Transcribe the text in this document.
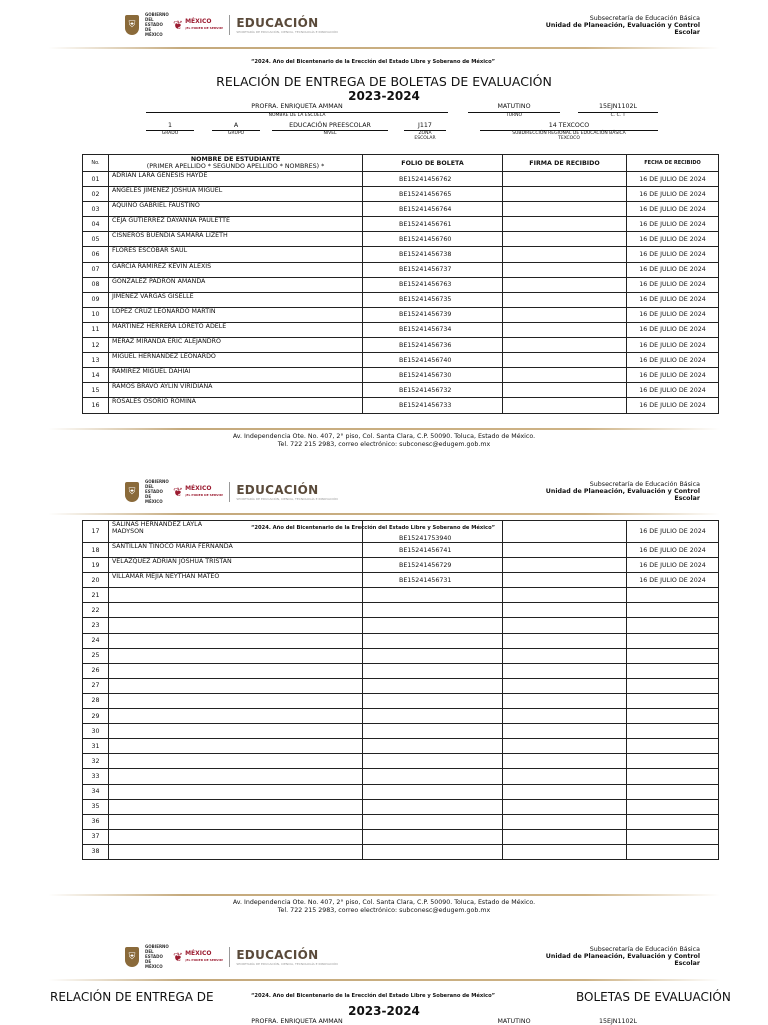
⛨
GOBIERNO DEL
ESTADO DE
MÉXICO
❦ MÉXICO
¡EL PODER DE SERVIR! EDUCACIÓN
SECRETARÍA DE EDUCACIÓN, CIENCIA, TECNOLOGÍA E INNOVACIÓN
Subsecretaría de Educación Básica
Unidad de Planeación, Evaluación y Control
Escolar
“2024. Año del Bicentenario de la Erección del Estado Libre y Soberano de México”
RELACIÓN DE ENTREGA DE BOLETAS DE EVALUACIÓN
2023-2024
PROFRA. ENRIQUETA AMMAN
NOMBRE DE LA ESCUELA
MATUTINO
TURNO
15EJN1102L
C. C. T
1
GRADO
A
GRUPO
EDUCACIÓN PREESCOLAR
NIVEL
J117
ZONA
ESCOLAR
14 TEXCOCO
SUBDIRECCIÓN REGIONAL DE EDUCACIÓN BÁSICA
TEXCOCO
No.	NOMBRE DE ESTUDIANTE
(PRIMER APELLIDO * SEGUNDO APELLIDO * NOMBRES) *	FOLIO DE BOLETA	FIRMA DE RECIBIDO	FECHA DE RECIBIDO
01	ADRIAN LARA GENESIS HAYDE	BE15241456762		16 DE JULIO DE 2024
02	ANGELES JIMENEZ JOSHUA MIGUEL	BE15241456765		16 DE JULIO DE 2024
03	AQUINO GABRIEL FAUSTINO	BE15241456764		16 DE JULIO DE 2024
04	CEJA GUTIERREZ DAYANNA PAULETTE	BE15241456761		16 DE JULIO DE 2024
05	CISNEROS BUENDIA SAMARA LIZETH	BE15241456760		16 DE JULIO DE 2024
06	FLORES ESCOBAR SAUL	BE15241456738		16 DE JULIO DE 2024
07	GARCIA RAMIREZ KEVIN ALEXIS	BE15241456737		16 DE JULIO DE 2024
08	GONZALEZ PADRON AMANDA	BE15241456763		16 DE JULIO DE 2024
09	JIMENEZ VARGAS GISELLE	BE15241456735		16 DE JULIO DE 2024
10	LOPEZ CRUZ LEONARDO MARTIN	BE15241456739		16 DE JULIO DE 2024
11	MARTINEZ HERRERA LORETO ADELE	BE15241456734		16 DE JULIO DE 2024
12	MERAZ MIRANDA ERIC ALEJANDRO	BE15241456736		16 DE JULIO DE 2024
13	MIGUEL HERNANDEZ LEONARDO	BE15241456740		16 DE JULIO DE 2024
14	RAMIREZ MIGUEL DAHIAI	BE15241456730		16 DE JULIO DE 2024
15	RAMOS BRAVO AYLIN VIRIDIANA	BE15241456732		16 DE JULIO DE 2024
16	ROSALES OSORIO ROMINA	BE15241456733		16 DE JULIO DE 2024
Av. Independencia Ote. No. 407, 2° piso, Col. Santa Clara, C.P. 50090. Toluca, Estado de México.
Tel. 722 215 2983, correo electrónico: subconesc@edugem.gob.mx
⛨
GOBIERNO DEL
ESTADO DE
MÉXICO
❦ MÉXICO
¡EL PODER DE SERVIR! EDUCACIÓN
SECRETARÍA DE EDUCACIÓN, CIENCIA, TECNOLOGÍA E INNOVACIÓN
Subsecretaría de Educación Básica
Unidad de Planeación, Evaluación y Control
Escolar
17	SALINAS HERNANDEZ LAYLA
MADYSON	BE15241753940		16 DE JULIO DE 2024
18	SANTILLAN TINOCO MARIA FERNANDA	BE15241456741		16 DE JULIO DE 2024
19	VELAZQUEZ ADRIAN JOSHUA TRISTAN	BE15241456729		16 DE JULIO DE 2024
20	VILLAMAR MEJIA NEYTHAN MATEO	BE15241456731		16 DE JULIO DE 2024
21				
22				
23				
24				
25				
26				
27				
28				
29				
30				
31				
32				
33				
34				
35				
36				
37				
38				
“2024. Año del Bicentenario de la Erección del Estado Libre y Soberano de México”
Av. Independencia Ote. No. 407, 2° piso, Col. Santa Clara, C.P. 50090. Toluca, Estado de México.
Tel. 722 215 2983, correo electrónico: subconesc@edugem.gob.mx
⛨
GOBIERNO DEL
ESTADO DE
MÉXICO
❦ MÉXICO
¡EL PODER DE SERVIR! EDUCACIÓN
SECRETARÍA DE EDUCACIÓN, CIENCIA, TECNOLOGÍA E INNOVACIÓN
Subsecretaría de Educación Básica
Unidad de Planeación, Evaluación y Control
Escolar
RELACIÓN DE ENTREGA DE	“2024. Año del Bicentenario de la Erección del Estado Libre y Soberano de México”	BOLETAS DE EVALUACIÓN
2023-2024
PROFRA. ENRIQUETA AMMAN	MATUTINO	15EJN1102L
